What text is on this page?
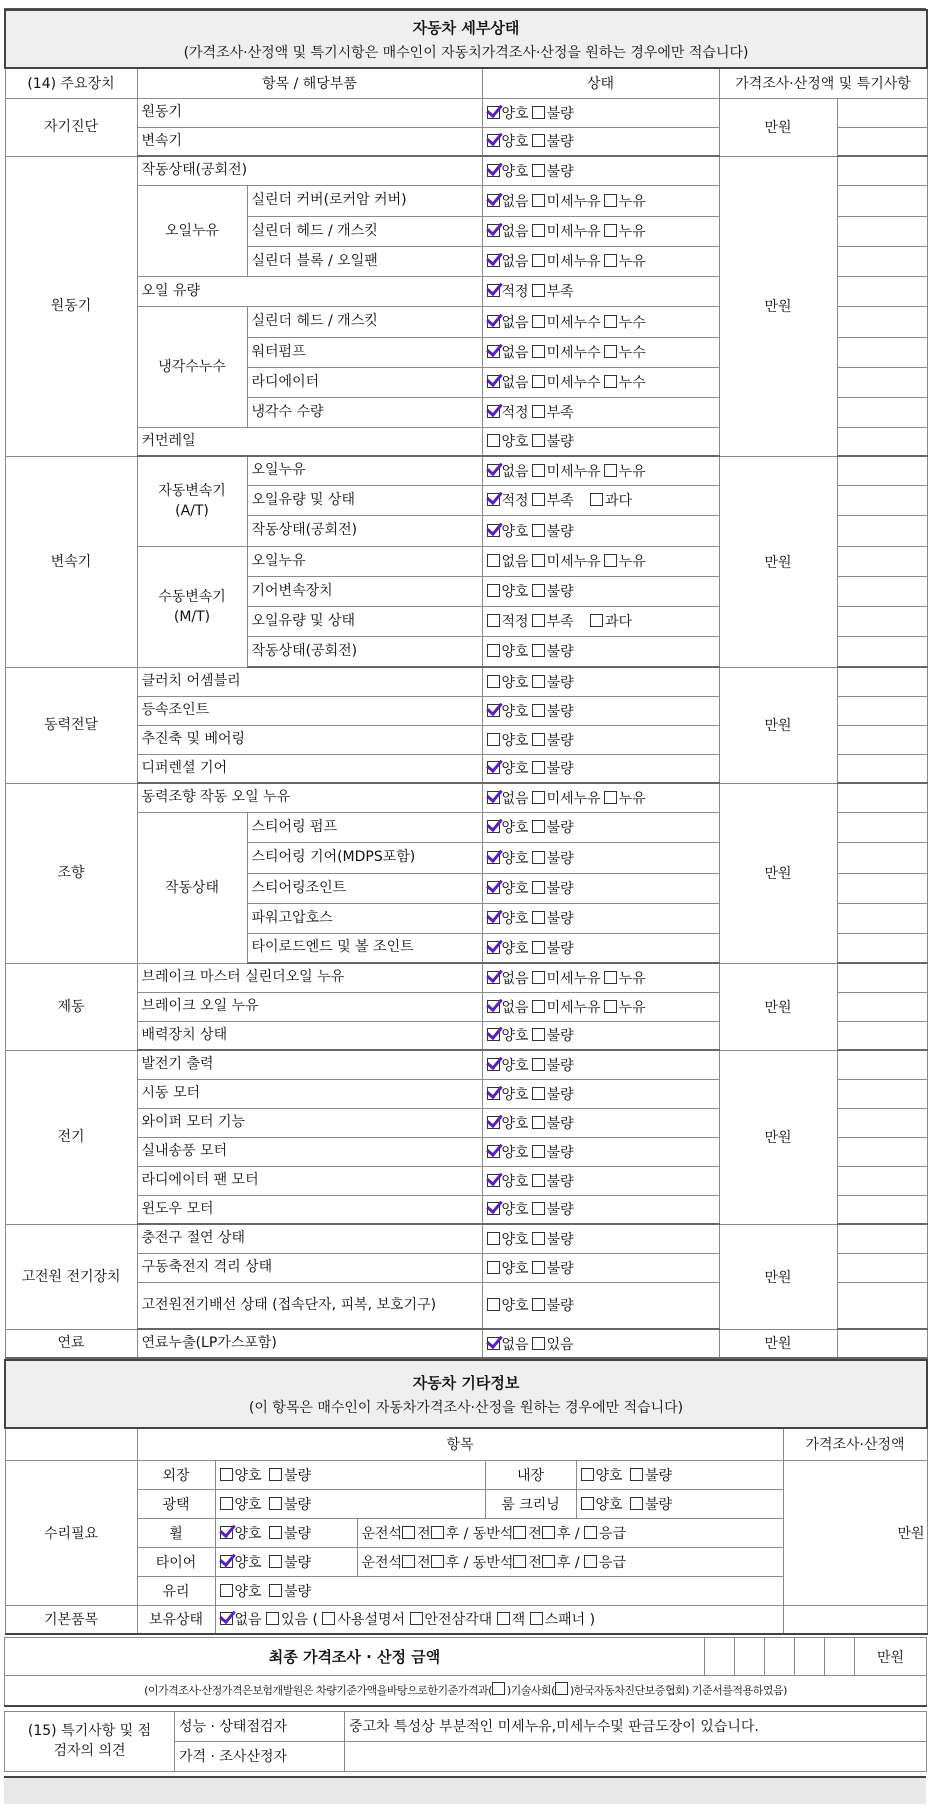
자동차 세부상태
(가격조사·산정액 및 특기시항은 매수인이 자동치가격조사·산정을 원하는 경우에만 적습니다)					

(14) 주요장치	항목 / 해당부품		상태	가격조사·산정액 및 특기사항	
자기진단	원동기		양호 불량	만원	
	변속기		양호 불량		
원동기	작동상태(공회전)		양호 불량	만원	
	오일누유	실린더 커버(로커암 커버)	없음 미세누유 누유		
		실린더 헤드 / 개스킷	없음 미세누유 누유		
		실린더 블록 / 오일팬	없음 미세누유 누유		
	오일 유량		적정 부족		
	냉각수누수	실린더 헤드 / 개스킷	없음 미세누수 누수		
		워터펌프	없음 미세누수 누수		
		라디에이터	없음 미세누수 누수		
		냉각수 수량	적정 부족		
	커먼레일		양호 불량		
변속기	자동변속기 (A/T)	오일누유	없음 미세누유 누유	만원	
		오일유량 및 상태	적정 부족 과다		
		작동상태(공회전)	양호 불량		
	수동변속기 (M/T)	오일누유	없음 미세누유 누유		
		기어변속장치	양호 불량		
		오일유량 및 상태	적정 부족 과다		
		작동상태(공회전)	양호 불량		
동력전달	클러치 어셈블리		양호 불량	만원	
	등속조인트		양호 불량		
	추진축 및 베어링		양호 불량		
	디퍼렌셜 기어		양호 불량		
조향	동력조향 작동 오일 누유		없음 미세누유 누유	만원	
	작동상태	스티어링 펌프	양호 불량		
		스티어링 기어(MDPS포함)	양호 불량		
		스티어링조인트	양호 불량		
		파워고압호스	양호 불량		
		타이로드엔드 및 볼 조인트	양호 불량		
제동	브레이크 마스터 실린더오일 누유		없음 미세누유 누유	만원	
	브레이크 오일 누유		없음 미세누유 누유		
	배력장치 상태		양호 불량		
전기	발전기 출력		양호 불량	만원	
	시동 모터		양호 불량		
	와이퍼 모터 기능		양호 불량		
	실내송풍 모터		양호 불량		
	라디에이터 팬 모터		양호 불량		
	윈도우 모터		양호 불량		
고전원 전기장치	충전구 절연 상태		양호 불량	만원	
	구동축전지 격리 상태		양호 불량		
	고전원전기배선 상태 (접속단자, 피복, 보호기구)		양호 불량		
연료	연료누출(LP가스포함)		없음 있음	만원	
자동차 기타정보
(이 항목은 매수인이 자동차가격조사·산정을 원하는 경우에만 적습니다)						

	항목					가격조사·산정액
수리필요	외장	양호 불량		내장	양호 불량	만원
	광택	양호 불량		룸 크리닝	양호 불량	
	휠	양호 불량	운전석 전 후 / 동반석 전 후 / 응급			
	타이어	양호 불량	운전석 전 후 / 동반석 전 후 / 응급			
	유리	양호 불량				
기본품목	보유상태	없음 있음 ( 사용설명서 안전삼각대 잭 스패너 )				
최종 가격조사 · 산정 금액						만원
(이가격조사·산정가격은보험개발원은 차량기준가액을바탕으로한기준가격과( )기술사회( )한국자동차진단보증협회) 기준서를적용하였음)
(15) 특기사항 및 점검자의 의견	성능 · 상태점검자	중고차 특성상 부분적인 미세누유,미세누수및 판금도장이 있습니다.
	가격 · 조사산정자	
